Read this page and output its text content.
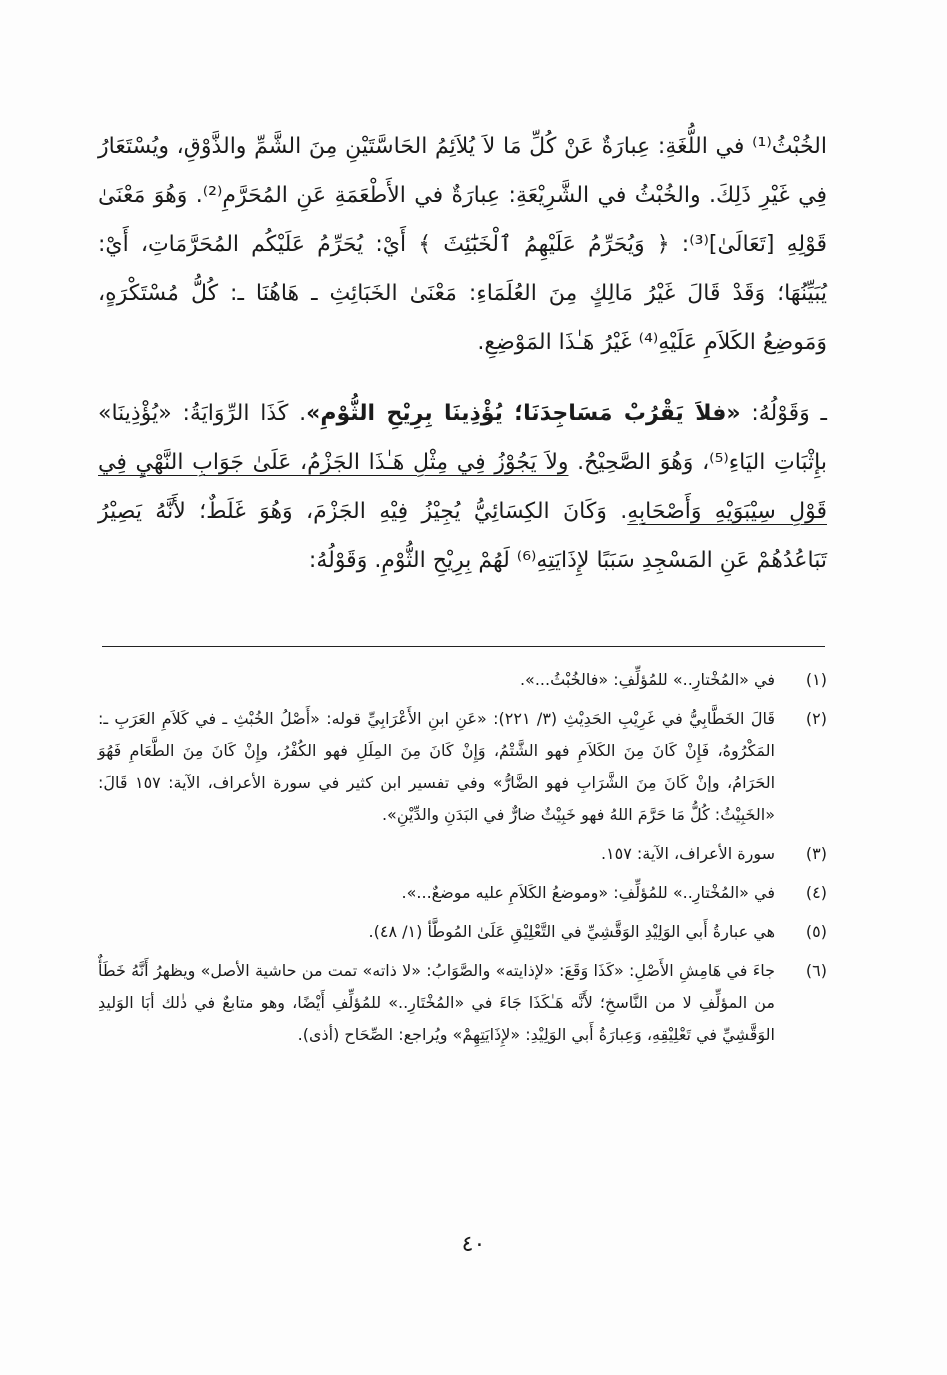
الخُبْثُ⁽¹⁾ في اللُّغَةِ: عِبارَةٌ عَنْ كُلِّ مَا لاَ يُلاَئِمُ الحَاسَّتَيْنِ مِنَ الشَّمِّ والذَّوْقِ، ويُسْتَعَارُ فِي غَيْرِ ذَلِكَ. والخُبْثُ في الشَّرِيْعَةِ: عِبارَةٌ في الأَطْعَمَةِ عَنِ المُحَرَّمِ⁽²⁾. وَهُوَ مَعْنَىٰ قَوْلِهِ [تَعَالَىٰ]⁽³⁾: ﴿ وَيُحَرِّمُ عَلَيْهِمُ ٱلْخَبَٰٓئِثَ ﴾ أَيْ: يُحَرِّمُ عَلَيْكُم المُحَرَّمَاتِ، أَيْ: يُبَيِّنُهَا؛ وَقَدْ قَالَ غَيْرُ مَالِكٍ مِنَ العُلَمَاءِ: مَعْنَىٰ الخَبَائِثِ ـ هَاهُنَا ـ: كُلُّ مُسْتَكْرَهٍ، وَمَوضِعُ الكَلاَمِ عَلَيْهِ⁽⁴⁾ غَيْرُ هَـٰذَا المَوْضِعِ.

ـ وَقَوْلُهُ: «فلاَ يَقْرُبْ مَسَاجِدَنَا؛ يُؤْذِينَا بِرِيْحِ الثُّوْمِ». كَذَا الرِّوَايَةُ: «يُؤْذِينَا» بإِثْبَاتِ اليَاءِ⁽⁵⁾، وَهُوَ الصَّحِيْحُ. ولاَ يَجُوْزُ فِي مِثْلِ هَـٰذَا الجَزْمُ، عَلَىٰ جَوَابِ النَّهْيِ فِي قَوْلِ سِيْبَوَيْهِ وَأَصْحَابِهِ. وَكَانَ الكِسَائِيُّ يُجِيْزُ فِيْهِ الجَزْمَ، وَهُوَ غَلَطٌ؛ لأَنَّهُ يَصِيْرُ تَبَاعُدُهُمْ عَنِ المَسْجِدِ سَبَبًا لإِذَايَتِهِ⁽⁶⁾ لَهُمْ بِرِيْحِ الثُّوْمِ. وَقَوْلُهُ:

(١)
في «المُخْتارِ..» للمُؤلِّفِ: «فالخُبْثُ...».
(٢)
قَالَ الخَطَّابِيُّ في غَرِيْبِ الحَدِيْثِ (٣/ ٢٢١): «عَنِ ابنِ الأَعْرَابِيِّ قوله: «أَصْلُ الخُبْثِ ـ في كَلاَمِ العَرَبِ ـ: المَكْرُوهُ، فَإِنْ كَانَ مِنَ الكَلاَمِ فهو الشَّتْمُ، وَإِنْ كَانَ مِنَ المِلَلِ فهو الكُفْرُ، وإِنْ كَانَ مِنَ الطَّعَامِ فَهُوَ الحَرَامُ، وإنْ كَانَ مِنَ الشَّرَابِ فهو الضَّارُّ» وفي تفسير ابن كثير في سورة الأعراف، الآية: ١٥٧ قَالَ: «الخَبِيْثُ: كُلُّ مَا حَرَّمَ اللهُ فهو خَبِيْثٌ ضارٌّ في البَدَنِ والدِّيْنِ».
(٣)
سورة الأعراف، الآية: ١٥٧.
(٤)
في «المُخْتارِ..» للمُؤلِّفِ: «وموضعُ الكَلاَمِ عليه موضعٌ...».
(٥)
هي عبارةُ أَبي الوَلِيْدِ الوَقَّشِيِّ في التَّعْلِيْقِ عَلَىٰ المُوطَّأ (١/ ٤٨).
(٦)
جاءَ في هَامِشِ الأَصْلِ: «كَذَا وَقَعَ: «لإذايته» والصَّوَابُ: «لا ذاته» تمت من حاشية الأصل» ويظهرُ أَنَّهُ خَطَأٌ من المؤلِّفِ لا من النَّاسخِ؛ لأَنَّه هَـٰكَذَا جَاءَ في «المُخْتَارِ..» للمُؤلِّفِ أَيْضًا، وهو متابعٌ في ذٰلك أبَا الوَليدِ الوَقَّشِيِّ في تَعْلِيْقِهِ، وَعِبارَةُ أَبي الوَلِيْدِ: «لإِذَايَتِهِمْ» ويُراجع: الصِّحَاح (أذى).
٤٠
